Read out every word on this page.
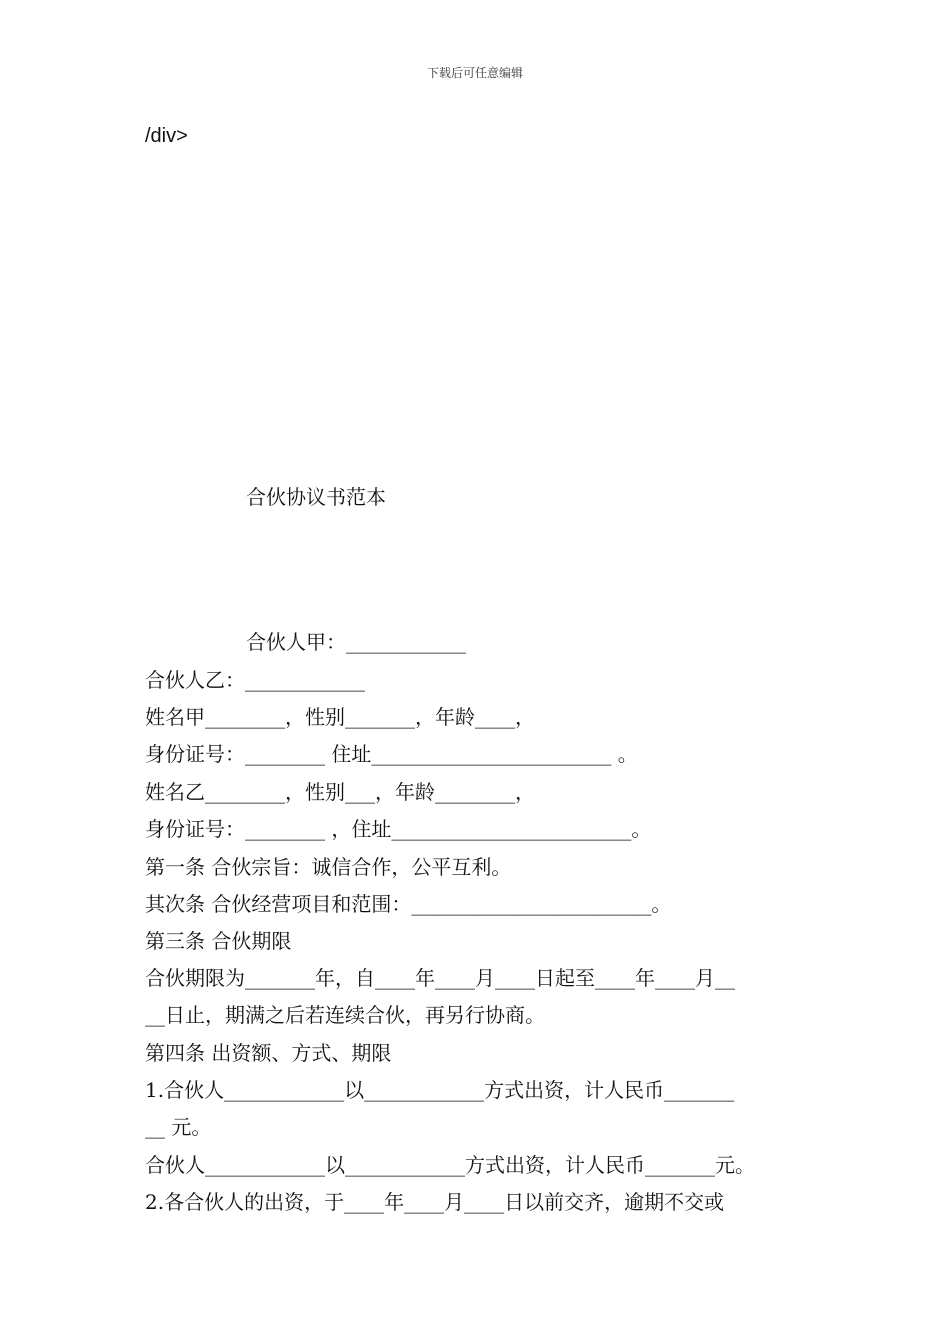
下载后可任意编辑
/div>
合伙协议书范本
合伙人甲：____________
合伙人乙：____________
姓名甲________，性别_______，年龄____，
身份证号：________ 住址________________________ 。
姓名乙________，性别___，年龄________，
身份证号：________ ，住址________________________。
第一条 合伙宗旨：诚信合作，公平互利。
其次条 合伙经营项目和范围：________________________。
第三条 合伙期限
合伙期限为_______年，自____年____月____日起至____年____月__
__日止，期满之后若连续合伙，再另行协商。
第四条 出资额、方式、期限
1.合伙人____________以____________方式出资，计人民币_______
__ 元。
合伙人____________以____________方式出资，计人民币_______元。
2.各合伙人的出资，于____年____月____日以前交齐，逾期不交或
